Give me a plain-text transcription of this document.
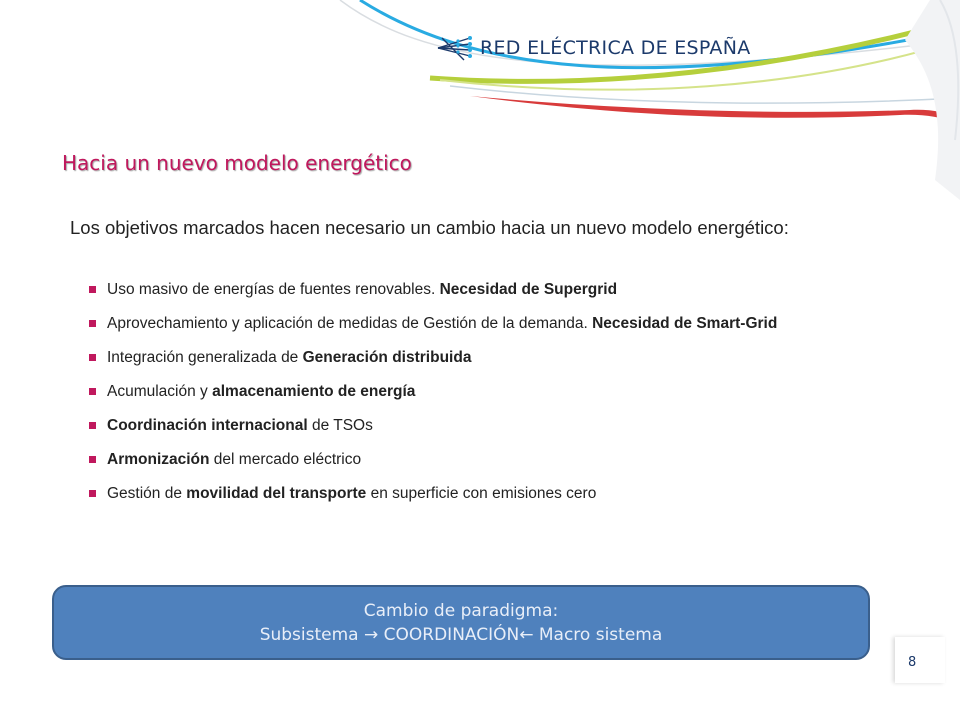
RED ELÉCTRICA DE ESPAÑA
Hacia un nuevo modelo energético
Los objetivos marcados hacen necesario un cambio hacia un nuevo modelo energético:
Uso masivo de energías de fuentes renovables. Necesidad de Supergrid
Aprovechamiento y aplicación de medidas de Gestión de la demanda. Necesidad de Smart-Grid
Integración generalizada de Generación distribuida
Acumulación y almacenamiento de energía
Coordinación internacional de TSOs
Armonización del mercado eléctrico
Gestión de movilidad del transporte en superficie con emisiones cero
Cambio de paradigma:
Subsistema → COORDINACIÓN← Macro sistema
8
